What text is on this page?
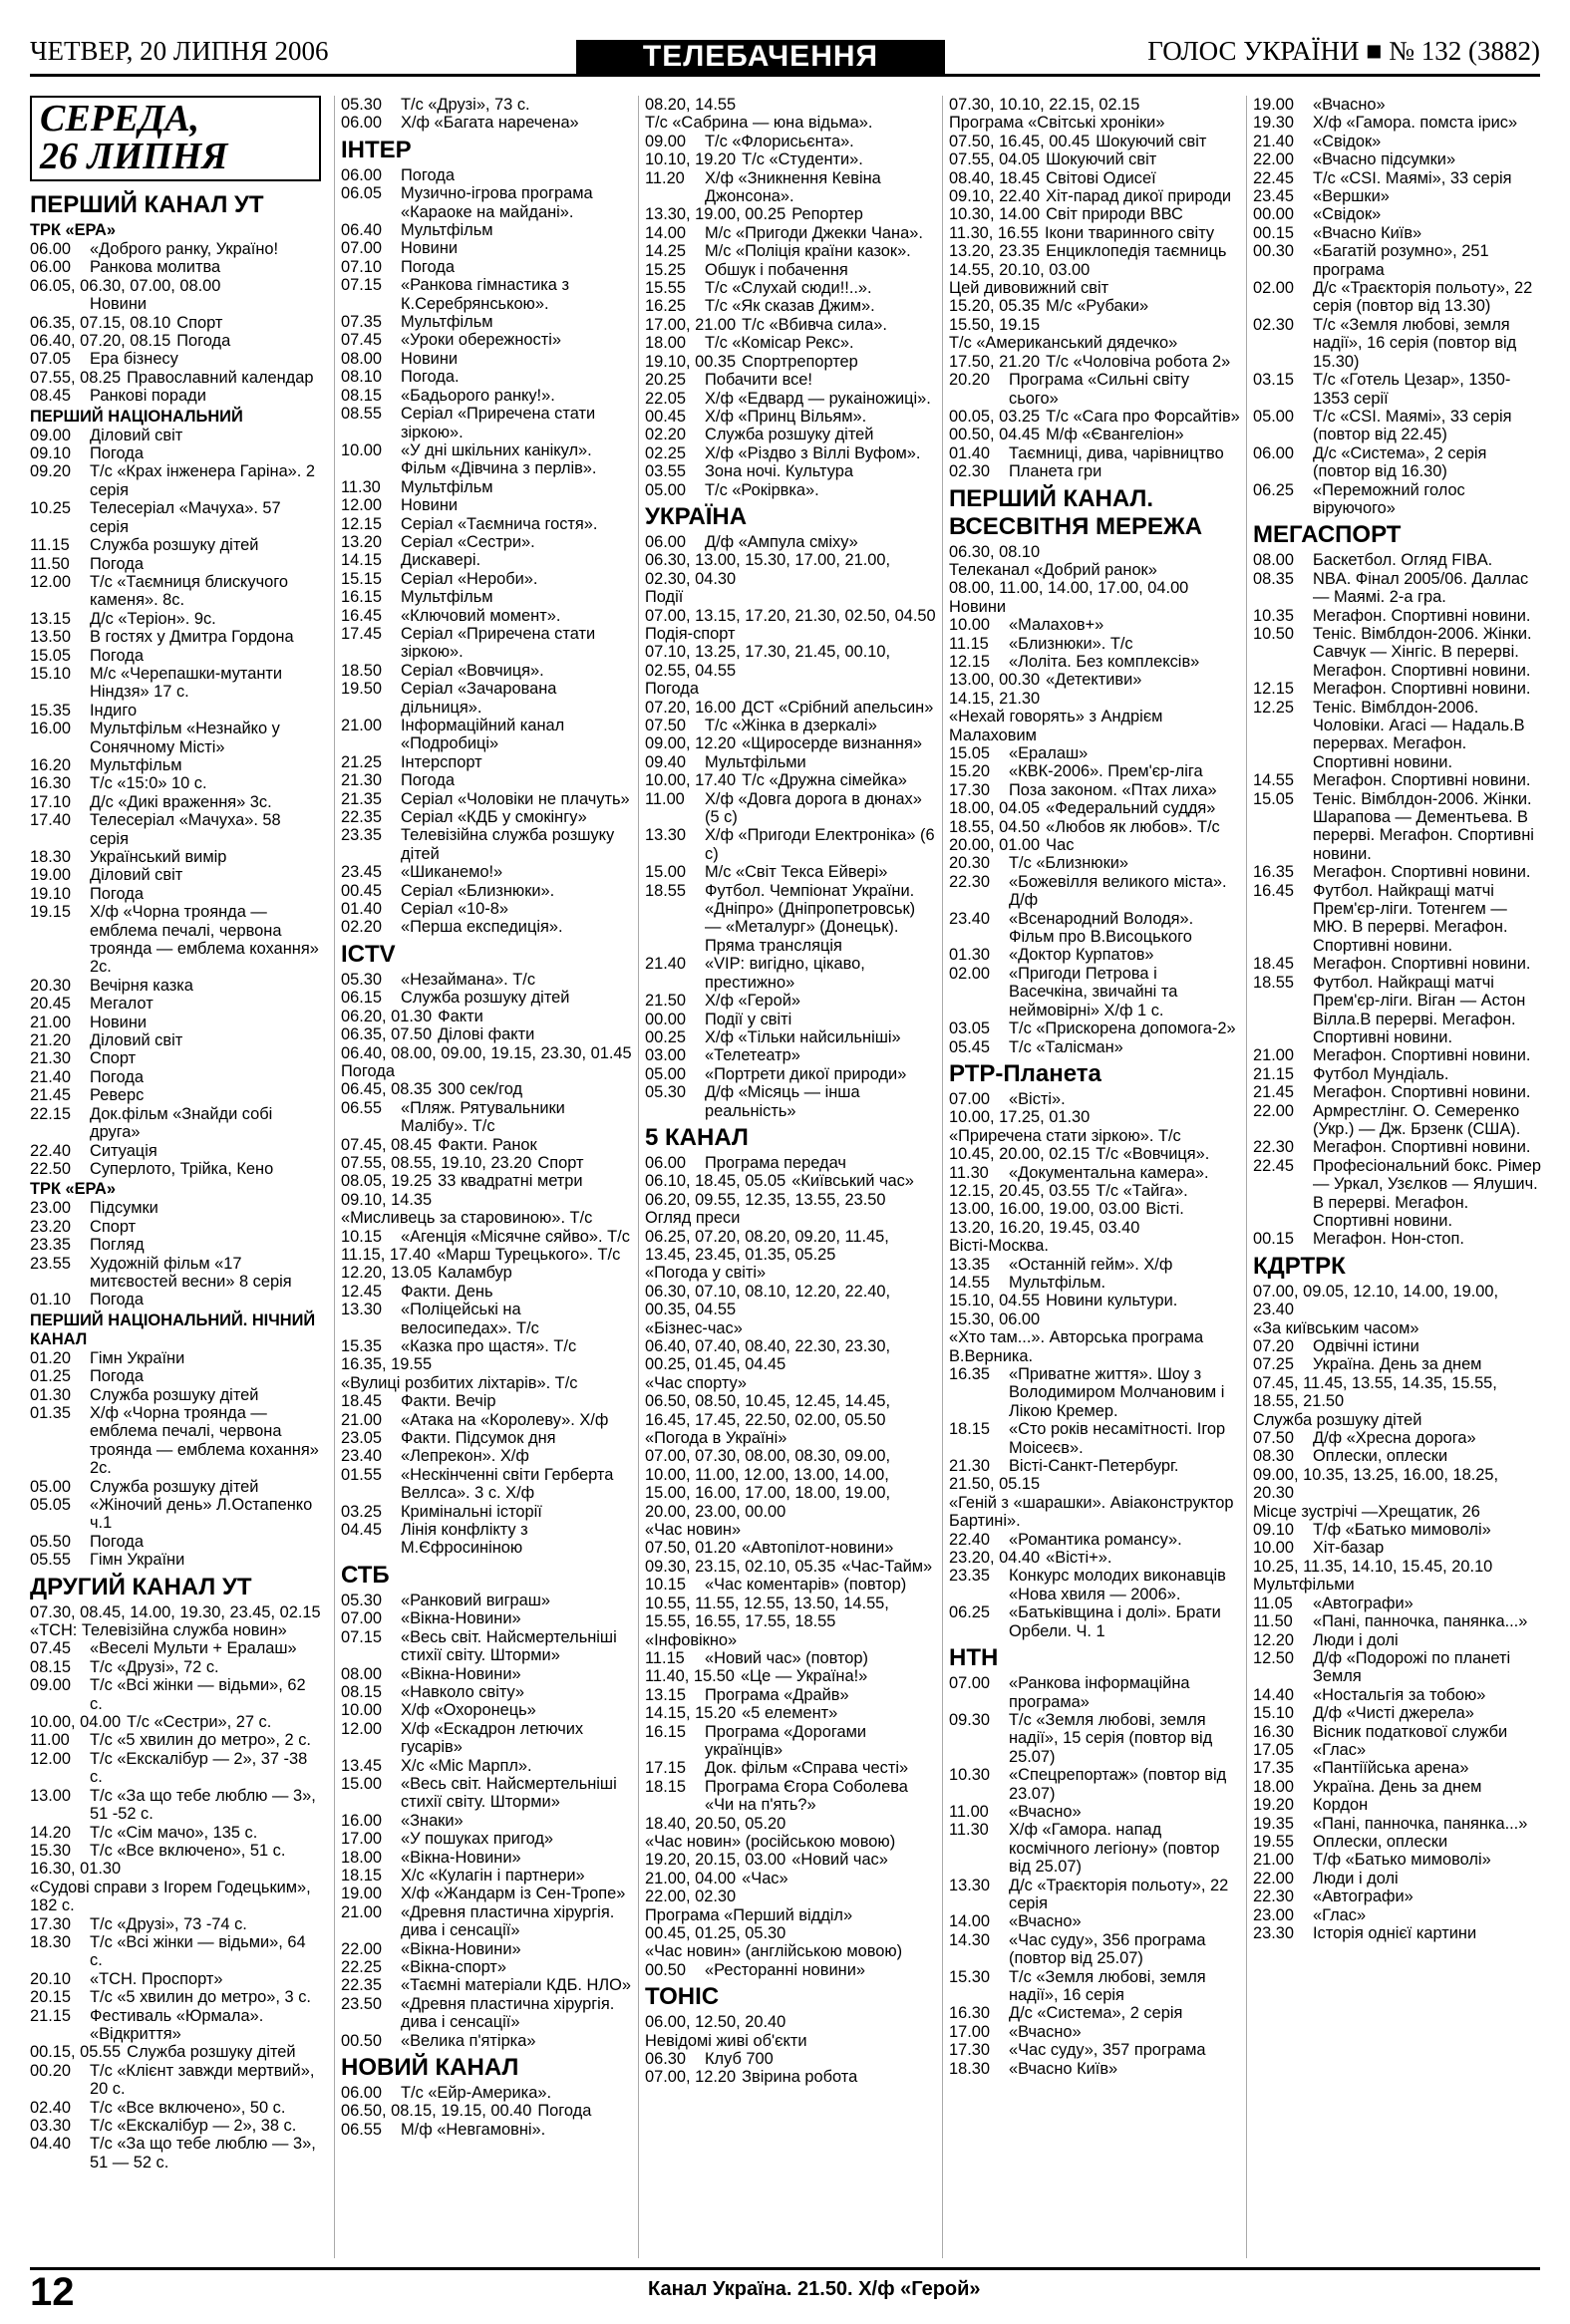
ЧЕТВЕР, 20 ЛИПНЯ 2006	ТЕЛЕБАЧЕННЯ	ГОЛОС УКРАЇНИ ■ № 132 (3882)
СЕРЕДА,
26 ЛИПНЯ
ПЕРШИЙ КАНАЛ УТ
ТРК «ЕРА»
06.00	«Доброго ранку, Україно!
06.00	Ранкова молитва
06.05, 06.30, 07.00, 08.00
Новини
06.35, 07.15, 08.10 Спорт
06.40, 07.20, 08.15 Погода
07.05	Ера бізнесу
07.55, 08.25 Православний календар
08.45	Ранкові поради
ПЕРШИЙ НАЦІОНАЛЬНИЙ
09.00	Діловий світ
09.10	Погода
09.20	Т/с «Крах інженера Гаріна». 2 серія
10.25	Телесеріал «Мачуха». 57 серія
11.15	Служба розшуку дітей
11.50	Погода
12.00	Т/с «Таємниця блискучого каменя». 8с.
13.15	Д/с «Теріон». 9с.
13.50	В гостях у Дмитра Гордона
15.05	Погода
15.10	М/с «Черепашки-мутанти Ніндзя» 17 с.
15.35	Індиго
16.00	Мультфільм «Незнайко у Сонячному Місті»
16.20	Мультфільм
16.30	Т/с «15:0» 10 с.
17.10	Д/с «Дикі враження» 3с.
17.40	Телесеріал «Мачуха». 58 серія
18.30	Український вимір
19.00	Діловий світ
19.10	Погода
19.15	Х/ф «Чорна троянда — емблема печалі, червона троянда — емблема кохання» 2с.
20.30	Вечірня казка
20.45	Мегалот
21.00	Новини
21.20	Діловий світ
21.30	Спорт
21.40	Погода
21.45	Реверс
22.15	Док.фільм «Знайди собі друга»
22.40	Ситуація
22.50	Суперлото, Трійка, Кено
ТРК «ЕРА»
23.00	Підсумки
23.20	Спорт
23.35	Погляд
23.55	Художній фільм «17 митєвостей весни» 8 серія
01.10	Погода
ПЕРШИЙ НАЦІОНАЛЬНИЙ. НІЧНИЙ КАНАЛ
01.20	Гімн України
01.25	Погода
01.30	Служба розшуку дітей
01.35	Х/ф «Чорна троянда — емблема печалі, червона троянда — емблема кохання» 2с.
05.00	Служба розшуку дітей
05.05	«Жіночий день» Л.Остапенко ч.1
05.50	Погода
05.55	Гімн України
ДРУГИЙ КАНАЛ УТ
07.30, 08.45, 14.00, 19.30, 23.45, 02.15
«ТСН: Телевізійна служба новин»
07.45	«Веселі Мульти + Ералаш»
08.15	Т/с «Друзі», 72 с.
09.00	Т/с «Всі жінки — відьми», 62 с.
10.00, 04.00 Т/с «Сестри», 27 с.
11.00	Т/с «5 хвилин до метро», 2 с.
12.00	Т/с «Екскалібур — 2», 37 -38 с.
13.00	Т/с «За що тебе люблю — 3», 51 -52 с.
14.20	Т/с «Сім мачо», 135 с.
15.30	Т/с «Все включено», 51 с.
16.30, 01.30
«Судові справи з Ігорем Годецьким», 182 с.
17.30	Т/с «Друзі», 73 -74 с.
18.30	Т/с «Всі жінки — відьми», 64 с.
20.10	«ТСН. Проспорт»
20.15	Т/с «5 хвилин до метро», 3 с.
21.15	Фестиваль «Юрмала». «Відкриття»
00.15, 05.55 Служба розшуку дітей
00.20	Т/с «Клієнт завжди мертвий», 20 с.
02.40	Т/с «Все включено», 50 с.
03.30	Т/с «Екскалібур — 2», 38 с.
04.40	Т/с «За що тебе люблю — 3», 51 — 52 с.
05.30	Т/с «Друзі», 73 с.
06.00	Х/ф «Багата наречена»
ІНТЕР
06.00	Погода
06.05	Музично-ігрова програма «Караоке на майдані».
06.40	Мультфільм
07.00	Новини
07.10	Погода
07.15	«Ранкова гімнастика з К.Серебрянською».
07.35	Мультфільм
07.45	«Уроки обережності»
08.00	Новини
08.10	Погода.
08.15	«Бадьорого ранку!».
08.55	Серіал «Приречена стати зіркою».
10.00	«У дні шкільних канікул». Фільм «Дівчина з перлів».
11.30	Мультфільм
12.00	Новини
12.15	Серіал «Таємнича гостя».
13.20	Серіал «Сестри».
14.15	Дискавері.
15.15	Серіал «Нероби».
16.15	Мультфільм
16.45	«Ключовий момент».
17.45	Серіал «Приречена стати зіркою».
18.50	Серіал «Вовчиця».
19.50	Серіал «Зачарована дільниця».
21.00	Інформаційний канал «Подробиці»
21.25	Інтерспорт
21.30	Погода
21.35	Серіал «Чоловіки не плачуть»
22.35	Серіал «КДБ у смокінгу»
23.35	Телевізійна служба розшуку дітей
23.45	«Шиканемо!»
00.45	Серіал «Близнюки».
01.40	Серіал «10-8»
02.20	«Перша експедиція».
ICTV
05.30	«Незаймана». Т/с
06.15	Служба розшуку дітей
06.20, 01.30 Факти
06.35, 07.50 Ділові факти
06.40, 08.00, 09.00, 19.15, 23.30, 01.45
Погода
06.45, 08.35 300 сек/год
06.55	«Пляж. Рятувальники Малібу». Т/с
07.45, 08.45 Факти. Ранок
07.55, 08.55, 19.10, 23.20 Спорт
08.05, 19.25 33 квадратні метри
09.10, 14.35
«Мисливець за старовиною». Т/с
10.15	«Агенція «Місячне сяйво». Т/с
11.15, 17.40 «Марш Турецького». Т/с
12.20, 13.05 Каламбур
12.45	Факти. День
13.30	«Поліцейські на велосипедах». Т/с
15.35	«Казка про щастя». Т/с
16.35, 19.55
«Вулиці розбитих ліхтарів». Т/с
18.45	Факти. Вечір
21.00	«Атака на «Королеву». Х/ф
23.05	Факти. Підсумок дня
23.40	«Лепрекон». Х/ф
01.55	«Нескінченні світи Герберта Веллса». 3 с. Х/ф
03.25	Кримінальні історії
04.45	Лінія конфлікту з М.Єфросиніною
СТБ
05.30	«Ранковий виграш»
07.00	«Вікна-Новини»
07.15	«Весь світ. Найсмертельніші стихії світу. Шторми»
08.00	«Вікна-Новини»
08.15	«Навколо світу»
10.00	Х/ф «Охоронець»
12.00	Х/ф «Ескадрон летючих гусарів»
13.45	Х/с «Міс Марпл».
15.00	«Весь світ. Найсмертельніші стихії світу. Шторми»
16.00	«Знаки»
17.00	«У пошуках пригод»
18.00	«Вікна-Новини»
18.15	Х/с «Кулагін і партнери»
19.00	Х/ф «Жандарм із Сен-Тропе»
21.00	«Древня пластична хірургія. дива і сенсації»
22.00	«Вікна-Новини»
22.25	«Вікна-спорт»
22.35	«Таємні матеріали КДБ. НЛО»
23.50	«Древня пластична хірургія. дива і сенсації»
00.50	«Велика п'ятірка»
НОВИЙ КАНАЛ
06.00	Т/с «Ейр-Америка».
06.50, 08.15, 19.15, 00.40 Погода
06.55	М/ф «Невгамовні».
08.20, 14.55
Т/с «Сабрина — юна відьма».
09.00	Т/с «Флорисьєнта».
10.10, 19.20 Т/с «Студенти».
11.20	Х/ф «Зникнення Кевіна Джонсона».
13.30, 19.00, 00.25 Репортер
14.00	М/с «Пригоди Джекки Чана».
14.25	М/с «Поліція країни казок».
15.25	Обшук і побачення
15.55	Т/с «Слухай сюди!!..».
16.25	Т/с «Як сказав Джим».
17.00, 21.00 Т/с «Вбивча сила».
18.00	Т/с «Комісар Рекс».
19.10, 00.35 Спортрепортер
20.25	Побачити все!
22.05	Х/ф «Едвард — рукаіножиці».
00.45	Х/ф «Принц Вільям».
02.20	Служба розшуку дітей
02.25	Х/ф «Різдво з Віллі Вуфом».
03.55	Зона ночі. Культура
05.00	Т/с «Рокірвка».
УКРАЇНА
06.00	Д/ф «Ампула сміху»
06.30, 13.00, 15.30, 17.00, 21.00, 02.30, 04.30
Події
07.00, 13.15, 17.20, 21.30, 02.50, 04.50
Подія-спорт
07.10, 13.25, 17.30, 21.45, 00.10, 02.55, 04.55
Погода
07.20, 16.00 ДСТ «Срібний апельсин»
07.50	Т/с «Жінка в дзеркалі»
09.00, 12.20 «Щиросерде визнання»
09.40	Мультфільми
10.00, 17.40 Т/с «Дружна сімейка»
11.00	Х/ф «Довга дорога в дюнах» (5 с)
13.30	Х/ф «Пригоди Електроніка» (6 с)
15.00	М/с «Світ Текса Ейвері»
18.55	Футбол. Чемпіонат України. «Дніпро» (Дніпропетровськ) — «Металург» (Донецьк). Пряма трансляція
21.40	«VIP: вигідно, цікаво, престижно»
21.50	Х/ф «Герой»
00.00	Події у світі
00.25	Х/ф «Тільки найсильніші»
03.00	«Телетеатр»
05.00	«Портрети дикої природи»
05.30	Д/ф «Місяць — інша реальність»
5 КАНАЛ
06.00	Програма передач
06.10, 18.45, 05.05 «Київський час»
06.20, 09.55, 12.35, 13.55, 23.50
Огляд преси
06.25, 07.20, 08.20, 09.20, 11.45, 13.45, 23.45, 01.35, 05.25
«Погода у світі»
06.30, 07.10, 08.10, 12.20, 22.40, 00.35, 04.55
«Бізнес-час»
06.40, 07.40, 08.40, 22.30, 23.30, 00.25, 01.45, 04.45
«Час спорту»
06.50, 08.50, 10.45, 12.45, 14.45, 16.45, 17.45, 22.50, 02.00, 05.50
«Погода в Україні»
07.00, 07.30, 08.00, 08.30, 09.00, 10.00, 11.00, 12.00, 13.00, 14.00, 15.00, 16.00, 17.00, 18.00, 19.00, 20.00, 23.00, 00.00
«Час новин»
07.50, 01.20 «Автопілот-новини»
09.30, 23.15, 02.10, 05.35 «Час-Тайм»
10.15	«Час коментарів» (повтор)
10.55, 11.55, 12.55, 13.50, 14.55, 15.55, 16.55, 17.55, 18.55
«Інфовікно»
11.15	«Новий час» (повтор)
11.40, 15.50 «Це — Україна!»
13.15	Програма «Драйв»
14.15, 15.20 «5 елемент»
16.15	Програма «Дорогами українців»
17.15	Док. фільм «Справа честі»
18.15	Програма Єгора Соболева «Чи на п'ять?»
18.40, 20.50, 05.20
«Час новин» (російською мовою)
19.20, 20.15, 03.00 «Новий час»
21.00, 04.00 «Час»
22.00, 02.30
Програма «Перший відділ»
00.45, 01.25, 05.30
«Час новин» (англійською мовою)
00.50	«Ресторанні новини»
ТОНІС
06.00, 12.50, 20.40
Невідомі живі об'єкти
06.30	Клуб 700
07.00, 12.20 Звірина робота
07.30, 10.10, 22.15, 02.15
Програма «Світські хроніки»
07.50, 16.45, 00.45 Шокуючий світ
07.55, 04.05 Шокуючий світ
08.40, 18.45 Світові Одисеї
09.10, 22.40 Хіт-парад дикої природи
10.30, 14.00 Світ природи ВВС
11.30, 16.55 Ікони тваринного світу
13.20, 23.35 Енциклопедія таємниць
14.55, 20.10, 03.00
Цей дивовижний світ
15.20, 05.35 М/с «Рубаки»
15.50, 19.15
Т/с «Американський дядечко»
17.50, 21.20 Т/с «Чоловіча робота 2»
20.20	Програма «Сильні світу сього»
00.05, 03.25 Т/с «Сага про Форсайтів»
00.50, 04.45 М/ф «Євангеліон»
01.40	Таємниці, дива, чарівництво
02.30	Планета гри
ПЕРШИЙ КАНАЛ. ВСЕСВІТНЯ МЕРЕЖА
06.30, 08.10
Телеканал «Добрий ранок»
08.00, 11.00, 14.00, 17.00, 04.00
Новини
10.00	«Малахов+»
11.15	«Близнюки». Т/с
12.15	«Лоліта. Без комплексів»
13.00, 00.30 «Детективи»
14.15, 21.30
«Нехай говорять» з Андрієм Малаховим
15.05	«Ералаш»
15.20	«КВК-2006». Прем'єр-ліга
17.30	Поза законом. «Птах лиха»
18.00, 04.05 «Федеральний суддя»
18.55, 04.50 «Любов як любов». Т/с
20.00, 01.00 Час
20.30	Т/с «Близнюки»
22.30	«Божевілля великого міста». Д/ф
23.40	«Всенародний Володя». Фільм про В.Висоцького
01.30	«Доктор Курпатов»
02.00	«Пригоди Петрова і Васечкіна, звичайні та неймовірні» Х/ф 1 с.
03.05	Т/с «Прискорена допомога-2»
05.45	Т/с «Талісман»
РТР-Планета
07.00	«Вісті».
10.00, 17.25, 01.30
«Приречена стати зіркою». Т/с
10.45, 20.00, 02.15 Т/с «Вовчиця».
11.30	«Документальна камера».
12.15, 20.45, 03.55 Т/с «Тайга».
13.00, 16.00, 19.00, 03.00 Вісті.
13.20, 16.20, 19.45, 03.40
Вісті-Москва.
13.35	«Останній гейм». Х/ф
14.55	Мультфільм.
15.10, 04.55 Новини культури.
15.30, 06.00
«Хто там...». Авторська програма В.Верника.
16.35	«Приватне життя». Шоу з Володимиром Молчановим і Лікою Кремер.
18.15	«Сто років несамітності. Ігор Моісеєв».
21.30	Вісті-Санкт-Петербург.
21.50, 05.15
«Геній з «шарашки». Авіаконструктор Бартині».
22.40	«Романтика романсу».
23.20, 04.40 «Вісті+».
23.35	Конкурс молодих виконавців «Нова хвиля — 2006».
06.25	«Батьківщина і долі». Брати Орбели. Ч. 1
НТН
07.00	«Ранкова інформаційна програма»
09.30	Т/с «Земля любові, земля надії», 15 серія (повтор від 25.07)
10.30	«Спецрепортаж» (повтор від 23.07)
11.00	«Вчасно»
11.30	Х/ф «Гамора. напад космічного легіону» (повтор від 25.07)
13.30	Д/с «Траєкторія польоту», 22 серія
14.00	«Вчасно»
14.30	«Час суду», 356 програма (повтор від 25.07)
15.30	Т/с «Земля любові, земля надії», 16 серія
16.30	Д/с «Система», 2 серія
17.00	«Вчасно»
17.30	«Час суду», 357 програма
18.30	«Вчасно Київ»
19.00	«Вчасно»
19.30	Х/ф «Гамора. помста ірис»
21.40	«Свідок»
22.00	«Вчасно підсумки»
22.45	Т/с «CSI. Маямі», 33 серія
23.45	«Вершки»
00.00	«Свідок»
00.15	«Вчасно Київ»
00.30	«Багатій розумно», 251 програма
02.00	Д/с «Траєкторія польоту», 22 серія (повтор від 13.30)
02.30	Т/с «Земля любові, земля надії», 16 серія (повтор від 15.30)
03.15	Т/с «Готель Цезар», 1350-1353 серії
05.00	Т/с «CSI. Маямі», 33 серія (повтор від 22.45)
06.00	Д/с «Система», 2 серія (повтор від 16.30)
06.25	«Переможний голос віруючого»
МЕГАСПОРТ
08.00	Баскетбол. Огляд FIBA.
08.35	NBA. Фінал 2005/06. Даллас — Маямі. 2-а гра.
10.35	Мегафон. Спортивні новини.
10.50	Теніс. Вімблдон-2006. Жінки. Савчук — Хінгіс. В перерві. Мегафон. Спортивні новини.
12.15	Мегафон. Спортивні новини.
12.25	Теніс. Вімблдон-2006. Чоловіки. Агасі — Надаль.В перервах. Мегафон. Спортивні новини.
14.55	Мегафон. Спортивні новини.
15.05	Теніс. Вімблдон-2006. Жінки. Шарапова — Дементьева. В перерві. Мегафон. Спортивні новини.
16.35	Мегафон. Спортивні новини.
16.45	Футбол. Найкращі матчі Прем'єр-ліги. Тотенгем — МЮ. В перерві. Мегафон. Спортивні новини.
18.45	Мегафон. Спортивні новини.
18.55	Футбол. Найкращі матчі Прем'єр-ліги. Віган — Астон Вілла.В перерві. Мегафон. Спортивні новини.
21.00	Мегафон. Спортивні новини.
21.15	Футбол Мундіаль.
21.45	Мегафон. Спортивні новини.
22.00	Армрестлінг. О. Семеренко (Укр.) — Дж. Брзенк (США).
22.30	Мегафон. Спортивні новини.
22.45	Професіональний бокс. Рімер — Уркал, Узєлков — Ялушич. В перерві. Мегафон. Спортивні новини.
00.15	Мегафон. Нон-стоп.
КДРТРК
07.00, 09.05, 12.10, 14.00, 19.00, 23.40
«За київським часом»
07.20	Одвічні істини
07.25	Україна. День за днем
07.45, 11.45, 13.55, 14.35, 15.55, 18.55, 21.50
Служба розшуку дітей
07.50	Д/ф «Хресна дорога»
08.30	Оплески, оплески
09.00, 10.35, 13.25, 16.00, 18.25, 20.30
Місце зустрічі —Хрещатик, 26
09.10	Т/ф «Батько мимоволі»
10.00	Хіт-базар
10.25, 11.35, 14.10, 15.45, 20.10
Мультфільми
11.05	«Автографи»
11.50	«Пані, панночка, панянка...»
12.20	Люди і долі
12.50	Д/ф «Подорожі по планеті Земля
14.40	«Ностальгія за тобою»
15.10	Д/ф «Чисті джерела»
16.30	Вісник податкової служби
17.05	«Глас»
17.35	«Пантіїйська арена»
18.00	Україна. День за днем
19.20	Кордон
19.35	«Пані, панночка, панянка...»
19.55	Оплески, оплески
21.00	Т/ф «Батько мимоволі»
22.00	Люди і долі
22.30	«Автографи»
23.00	«Глас»
23.30	Історія однієї картини
12	Канал Україна. 21.50. Х/ф «Герой»
